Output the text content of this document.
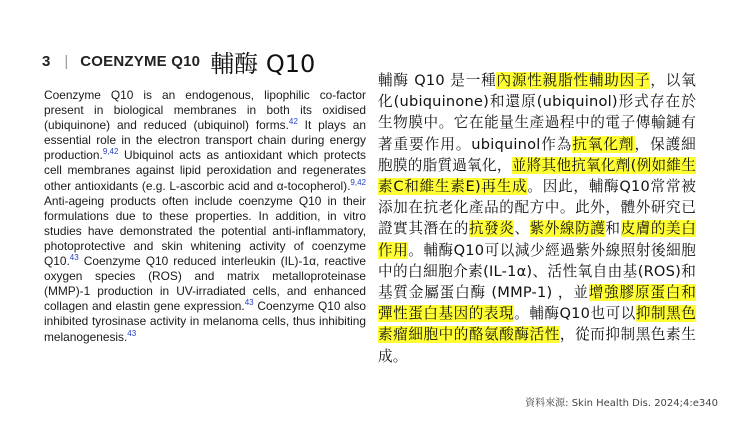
3 | COENZYME Q10 輔酶 Q10

Coenzyme Q10 is an endogenous, lipophilic co-factor present in biological membranes in both its oxidised (ubiquinone) and reduced (ubiquinol) forms.$^{42}$ It plays an essential role in the electron transport chain during energy production.$^{9,42}$ Ubiquinol acts as antioxidant which protects cell membranes against lipid peroxidation and regenerates other antioxidants (e.g. L-ascorbic acid and α-tocopherol).$^{9,42}$ Anti-ageing products often include coenzyme Q10 in their formulations due to these properties. In addition, in vitro studies have demonstrated the potential anti-inflammatory, photoprotective and skin whitening activity of coenzyme Q10.43 Coenzyme Q10 reduced interleukin (IL)-1α, reactive oxygen species (ROS) and matrix metalloproteinase (MMP)-1 production in UV-irradiated cells, and enhanced collagen and elastin gene expression.$^{43}$ Coenzyme Q10 also inhibited tyrosinase activity in melanoma cells, thus inhibiting melanogenesis.$^{43}$

輔酶 Q10 是一種內源性親脂性輔助因子，以氧化(ubiquinone)和還原(ubiquinol)形式存在於生物膜中。它在能量生產過程中的電子傳輸鏈有著重要作用。ubiquinol作為抗氧化劑，保護細胞膜的脂質過氧化，並將其他抗氧化劑(例如維生素C和維生素E)再生成。因此，輔酶Q10常常被添加在抗老化產品的配方中。此外，體外研究已證實其潛在的抗發炎、紫外線防護和皮膚的美白作用。輔酶Q10可以減少經過紫外線照射後細胞中的白細胞介素(IL-1α)、活性氧自由基(ROS)和基質金屬蛋白酶 (MMP-1) ，並增強膠原蛋白和彈性蛋白基因的表現。輔酶Q10也可以抑制黑色素瘤細胞中的酪氨酸酶活性，從而抑制黑色素生成。

資料來源: Skin Health Dis. 2024;4:e340
